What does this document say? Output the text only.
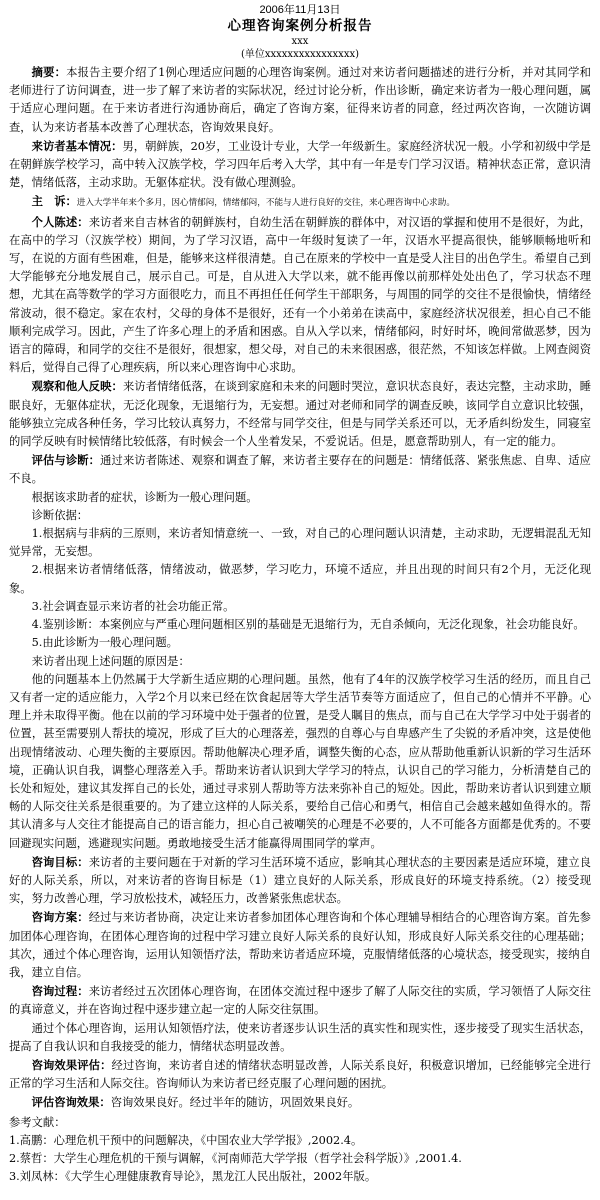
2006年11月13日
心理咨询案例分析报告
xxx
(单位xxxxxxxxxxxxxxxx)

摘要：本报告主要介绍了1例心理适应问题的心理咨询案例。通过对来访者问题描述的进行分析，并对其同学和老师进行了访问调查，进一步了解了来访者的实际状况，经过讨论分析，作出诊断，确定来访者为一般心理问题，属于适应心理问题。在于来访者进行沟通协商后，确定了咨询方案，征得来访者的同意，经过两次咨询，一次随访调查，认为来访者基本改善了心理状态，咨询效果良好。

来访者基本情况：男，朝鲜族，20岁，工业设计专业，大学一年级新生。家庭经济状况一般。小学和初级中学是在朝鲜族学校学习，高中转入汉族学校，学习四年后考入大学，其中有一年是专门学习汉语。精神状态正常，意识清楚，情绪低落，主动求助。无躯体症状。没有做心理测验。

主　诉：进入大学半年来个多月，因心情郁闷，情绪郁闷，不能与人进行良好的交往，来心理咨询中心求助。

个人陈述：来访者来自吉林省的朝鲜族村，自幼生活在朝鲜族的群体中，对汉语的掌握和使用不是很好，为此，在高中的学习（汉族学校）期间，为了学习汉语，高中一年级时复读了一年，汉语水平提高很快，能够顺畅地听和写，在说的方面有些困难，但是，能够来这样很清楚。自己在原来的学校中一直是受人注目的出色学生。希望自己到大学能够充分地发展自己，展示自己。可是，自从进入大学以来，就不能再像以前那样处处出色了，学习状态不理想，尤其在高等数学的学习方面很吃力，而且不再担任任何学生干部职务，与周围的同学的交往不是很愉快，情绪经常波动，很不稳定。家在农村，父母的身体不是很好，还有一个小弟弟在读高中，家庭经济状况很差，担心自己不能顺利完成学习。因此，产生了许多心理上的矛盾和困惑。自从入学以来，情绪郁闷，时好时坏，晚间常做恶梦，因为语言的障碍，和同学的交往不是很好，很想家，想父母，对自己的未来很困惑，很茫然，不知该怎样做。上网查阅资料后，觉得自己得了心理疾病，所以来心理咨询中心求助。

观察和他人反映：来访者情绪低落，在谈到家庭和未来的问题时哭泣，意识状态良好，表达完整，主动求助，睡眠良好，无躯体症状，无泛化现象，无退缩行为，无妄想。通过对老师和同学的调查反映，该同学自立意识比较强，能够独立完成各种任务，学习比较认真努力，不经常与同学交往，但是与同学关系还可以，无矛盾纠纷发生，同寝室的同学反映有时候情绪比较低落，有时候会一个人坐着发呆，不爱说话。但是，愿意帮助别人，有一定的能力。

评估与诊断：通过来访者陈述、观察和调查了解，来访者主要存在的问题是：情绪低落、紧张焦虑、自卑、适应不良。

根据该求助者的症状，诊断为一般心理问题。

诊断依据：

1.根据病与非病的三原则，来访者知情意统一、一致，对自己的心理问题认识清楚，主动求助，无逻辑混乱无知觉异常，无妄想。

2.根据来访者情绪低落，情绪波动，做恶梦，学习吃力，环境不适应，并且出现的时间只有2个月，无泛化现象。

3.社会调查显示来访者的社会功能正常。

4.鉴别诊断：本案例应与严重心理问题相区别的基础是无退缩行为，无自杀倾向，无泛化现象，社会功能良好。

5.由此诊断为一般心理问题。

来访者出现上述问题的原因是：

他的问题基本上仍然属于大学新生适应期的心理问题。虽然，他有了4年的汉族学校学习生活的经历，而且自己又有者一定的适应能力，入学2个月以来已经在饮食起居等大学生活节奏等方面适应了，但自己的心情并不平静。心理上并未取得平衡。他在以前的学习环境中处于强者的位置，是受人瞩目的焦点，而与自己在大学学习中处于弱者的位置，甚至需要别人帮扶的境况，形成了巨大的心理落差，强烈的自尊心与自卑感产生了尖锐的矛盾冲突，这是使他出现情绪波动、心理失衡的主要原因。帮助他解决心理矛盾，调整失衡的心态，应从帮助他重新认识新的学习生活环境，正确认识自我，调整心理落差入手。帮助来访者认识到大学学习的特点，认识自己的学习能力，分析清楚自己的长处和短处，建议其发挥自己的长处，通过寻求别人帮助等方法来弥补自己的短处。因此，帮助来访者认识到建立顺畅的人际交往关系是很重要的。为了建立这样的人际关系，要给自己信心和勇气，相信自己会越来越如鱼得水的。帮其认清多与人交往才能提高自己的语言能力，担心自己被嘲笑的心理是不必要的，人不可能各方面都是优秀的。不要回避现实问题，逃避现实问题。勇敢地接受生活才能赢得周围同学的掌声。

咨询目标：来访者的主要问题在于对新的学习生活环境不适应，影响其心理状态的主要因素是适应环境，建立良好的人际关系，所以，对来访者的咨询目标是（1）建立良好的人际关系，形成良好的环境支持系统。（2）接受现实，努力改善心理，学习放松技术，减轻压力，改善紧张焦虑状态。

咨询方案：经过与来访者协商，决定让来访者参加团体心理咨询和个体心理辅导相结合的心理咨询方案。首先参加团体心理咨询，在团体心理咨询的过程中学习建立良好人际关系的良好认知，形成良好人际关系交往的心理基础；其次，通过个体心理咨询，运用认知领悟疗法，帮助来访者适应环境，克服情绪低落的心境状态，接受现实，接纳自我，建立自信。

咨询过程：来访者经过五次团体心理咨询，在团体交流过程中逐步了解了人际交往的实质，学习领悟了人际交往的真谛意义，并在咨询过程中逐步建立起一定的人际交往氛围。

通过个体心理咨询，运用认知领悟疗法，使来访者逐步认识生活的真实性和现实性，逐步接受了现实生活状态，提高了自我认识和自我接受的能力，情绪状态明显改善。

咨询效果评估：经过咨询，来访者自述的情绪状态明显改善，人际关系良好，积极意识增加，已经能够完全进行正常的学习生活和人际交往。咨询师认为来访者已经克服了心理问题的困扰。

评估咨询效果：咨询效果良好。经过半年的随访，巩固效果良好。

参考文献：

1.高鹏：心理危机干预中的问题解决，《中国农业大学学报》,2002.4。

2.蔡哲：大学生心理危机的干预与调解，《河南师范大学学报（哲学社会科学版）》,2001.4.

3.刘凤林：《大学生心理健康教育导论》，黑龙江人民出版社，2002年版。
